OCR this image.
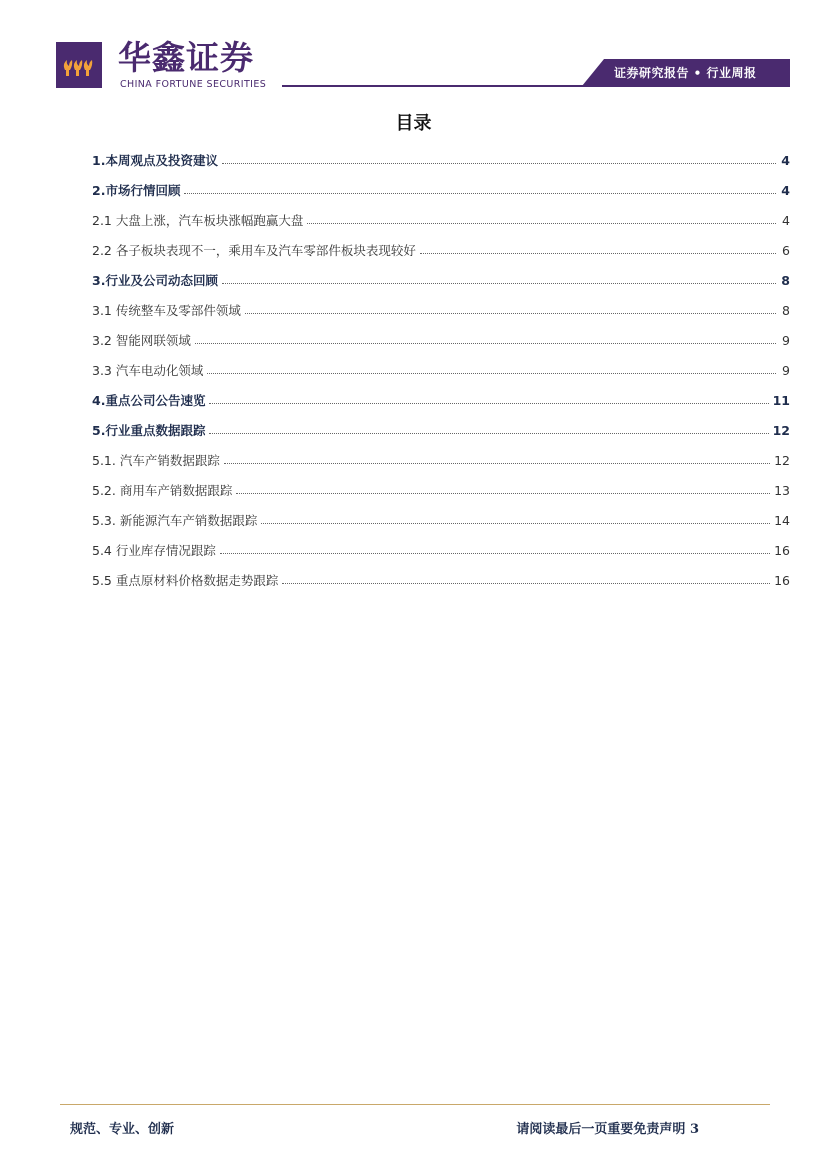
华鑫证券
CHINA FORTUNE SECURITIES
证券研究报告 • 行业周报
目录
1.本周观点及投资建议	4
2.市场行情回顾	4
2.1 大盘上涨，汽车板块涨幅跑赢大盘	4
2.2 各子板块表现不一，乘用车及汽车零部件板块表现较好	6
3.行业及公司动态回顾	8
3.1 传统整车及零部件领域	8
3.2 智能网联领域	9
3.3 汽车电动化领域	9
4.重点公司公告速览	11
5.行业重点数据跟踪	12
5.1. 汽车产销数据跟踪	12
5.2. 商用车产销数据跟踪	13
5.3. 新能源汽车产销数据跟踪	14
5.4 行业库存情况跟踪	16
5.5 重点原材料价格数据走势跟踪	16
规范、专业、创新	请阅读最后一页重要免责声明 3
